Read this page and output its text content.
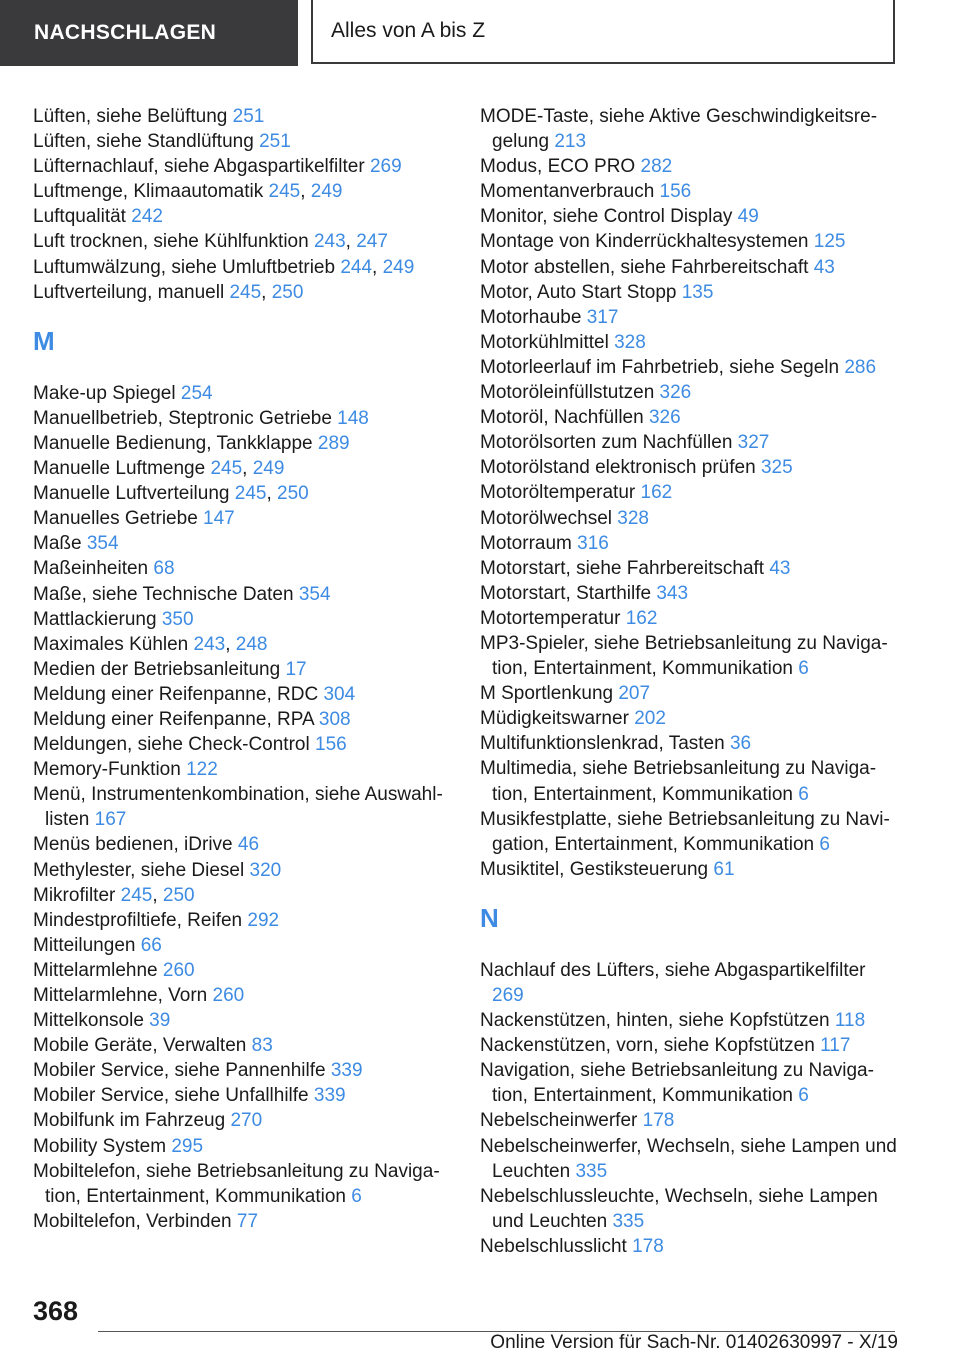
NACHSCHLAGEN	Alles von A bis Z

Lüften, siehe Belüftung 251

Lüften, siehe Standlüftung 251

Lüfternachlauf, siehe Abgaspartikelfilter 269

Luftmenge, Klimaautomatik 245, 249

Luftqualität 242

Luft trocknen, siehe Kühlfunktion 243, 247

Luftumwälzung, siehe Umluftbetrieb 244, 249

Luftverteilung, manuell 245, 250

M

Make-up Spiegel 254

Manuellbetrieb, Steptronic Getriebe 148

Manuelle Bedienung, Tankklappe 289

Manuelle Luftmenge 245, 249

Manuelle Luftverteilung 245, 250

Manuelles Getriebe 147

Maße 354

Maßeinheiten 68

Maße, siehe Technische Daten 354

Mattlackierung 350

Maximales Kühlen 243, 248

Medien der Betriebsanleitung 17

Meldung einer Reifenpanne, RDC 304

Meldung einer Reifenpanne, RPA 308

Meldungen, siehe Check-Control 156

Memory-Funktion 122

Menü, Instrumentenkombination, siehe Auswahllisten 167

Menüs bedienen, iDrive 46

Methylester, siehe Diesel 320

Mikrofilter 245, 250

Mindestprofiltiefe, Reifen 292

Mitteilungen 66

Mittelarmlehne 260

Mittelarmlehne, Vorn 260

Mittelkonsole 39

Mobile Geräte, Verwalten 83

Mobiler Service, siehe Pannenhilfe 339

Mobiler Service, siehe Unfallhilfe 339

Mobilfunk im Fahrzeug 270

Mobility System 295

Mobiltelefon, siehe Betriebsanleitung zu Navigation, Entertainment, Kommunikation 6

Mobiltelefon, Verbinden 77

MODE-Taste, siehe Aktive Geschwindigkeitsregelung 213

Modus, ECO PRO 282

Momentanverbrauch 156

Monitor, siehe Control Display 49

Montage von Kinderrückhaltesystemen 125

Motor abstellen, siehe Fahrbereitschaft 43

Motor, Auto Start Stopp 135

Motorhaube 317

Motorkühlmittel 328

Motorleerlauf im Fahrbetrieb, siehe Segeln 286

Motoröleinfüllstutzen 326

Motoröl, Nachfüllen 326

Motorölsorten zum Nachfüllen 327

Motorölstand elektronisch prüfen 325

Motoröltemperatur 162

Motorölwechsel 328

Motorraum 316

Motorstart, siehe Fahrbereitschaft 43

Motorstart, Starthilfe 343

Motortemperatur 162

MP3-Spieler, siehe Betriebsanleitung zu Navigation, Entertainment, Kommunikation 6

M Sportlenkung 207

Müdigkeitswarner 202

Multifunktionslenkrad, Tasten 36

Multimedia, siehe Betriebsanleitung zu Navigation, Entertainment, Kommunikation 6

Musikfestplatte, siehe Betriebsanleitung zu Navigation, Entertainment, Kommunikation 6

Musiktitel, Gestiksteuerung 61

N

Nachlauf des Lüfters, siehe Abgaspartikelfilter 269

Nackenstützen, hinten, siehe Kopfstützen 118

Nackenstützen, vorn, siehe Kopfstützen 117

Navigation, siehe Betriebsanleitung zu Navigation, Entertainment, Kommunikation 6

Nebelscheinwerfer 178

Nebelscheinwerfer, Wechseln, siehe Lampen und Leuchten 335

Nebelschlussleuchte, Wechseln, siehe Lampen und Leuchten 335

Nebelschlusslicht 178

368
Online Version für Sach-Nr. 01402630997 - X/19
